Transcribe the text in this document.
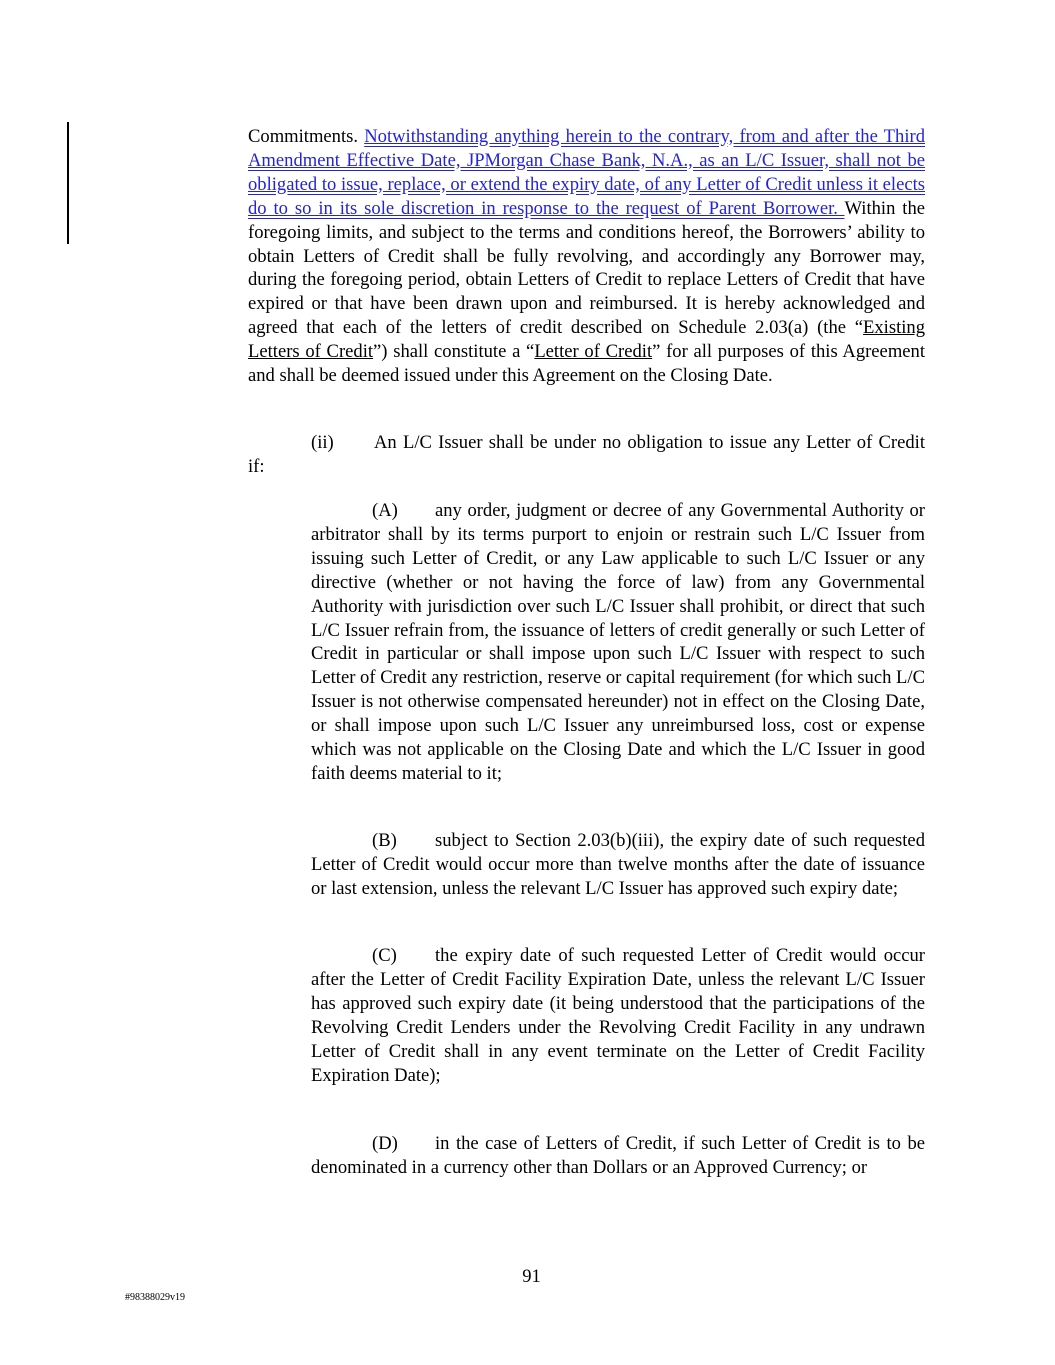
Commitments. Notwithstanding anything herein to the contrary, from and after the Third Amendment Effective Date, JPMorgan Chase Bank, N.A., as an L/C Issuer, shall not be obligated to issue, replace, or extend the expiry date, of any Letter of Credit unless it elects do to so in its sole discretion in response to the request of Parent Borrower. Within the foregoing limits, and subject to the terms and conditions hereof, the Borrowers’ ability to obtain Letters of Credit shall be fully revolving, and accordingly any Borrower may, during the foregoing period, obtain Letters of Credit to replace Letters of Credit that have expired or that have been drawn upon and reimbursed. It is hereby acknowledged and agreed that each of the letters of credit described on Schedule 2.03(a) (the “Existing Letters of Credit”) shall constitute a “Letter of Credit” for all purposes of this Agreement and shall be deemed issued under this Agreement on the Closing Date.

(ii) An L/C Issuer shall be under no obligation to issue any Letter of Credit if:

(A) any order, judgment or decree of any Governmental Authority or arbitrator shall by its terms purport to enjoin or restrain such L/C Issuer from issuing such Letter of Credit, or any Law applicable to such L/C Issuer or any directive (whether or not having the force of law) from any Governmental Authority with jurisdiction over such L/C Issuer shall prohibit, or direct that such L/C Issuer refrain from, the issuance of letters of credit generally or such Letter of Credit in particular or shall impose upon such L/C Issuer with respect to such Letter of Credit any restriction, reserve or capital requirement (for which such L/C Issuer is not otherwise compensated hereunder) not in effect on the Closing Date, or shall impose upon such L/C Issuer any unreimbursed loss, cost or expense which was not applicable on the Closing Date and which the L/C Issuer in good faith deems material to it;

(B) subject to Section 2.03(b)(iii), the expiry date of such requested Letter of Credit would occur more than twelve months after the date of issuance or last extension, unless the relevant L/C Issuer has approved such expiry date;

(C) the expiry date of such requested Letter of Credit would occur after the Letter of Credit Facility Expiration Date, unless the relevant L/C Issuer has approved such expiry date (it being understood that the participations of the Revolving Credit Lenders under the Revolving Credit Facility in any undrawn Letter of Credit shall in any event terminate on the Letter of Credit Facility Expiration Date);

(D) in the case of Letters of Credit, if such Letter of Credit is to be denominated in a currency other than Dollars or an Approved Currency; or

91
#98388029v19
